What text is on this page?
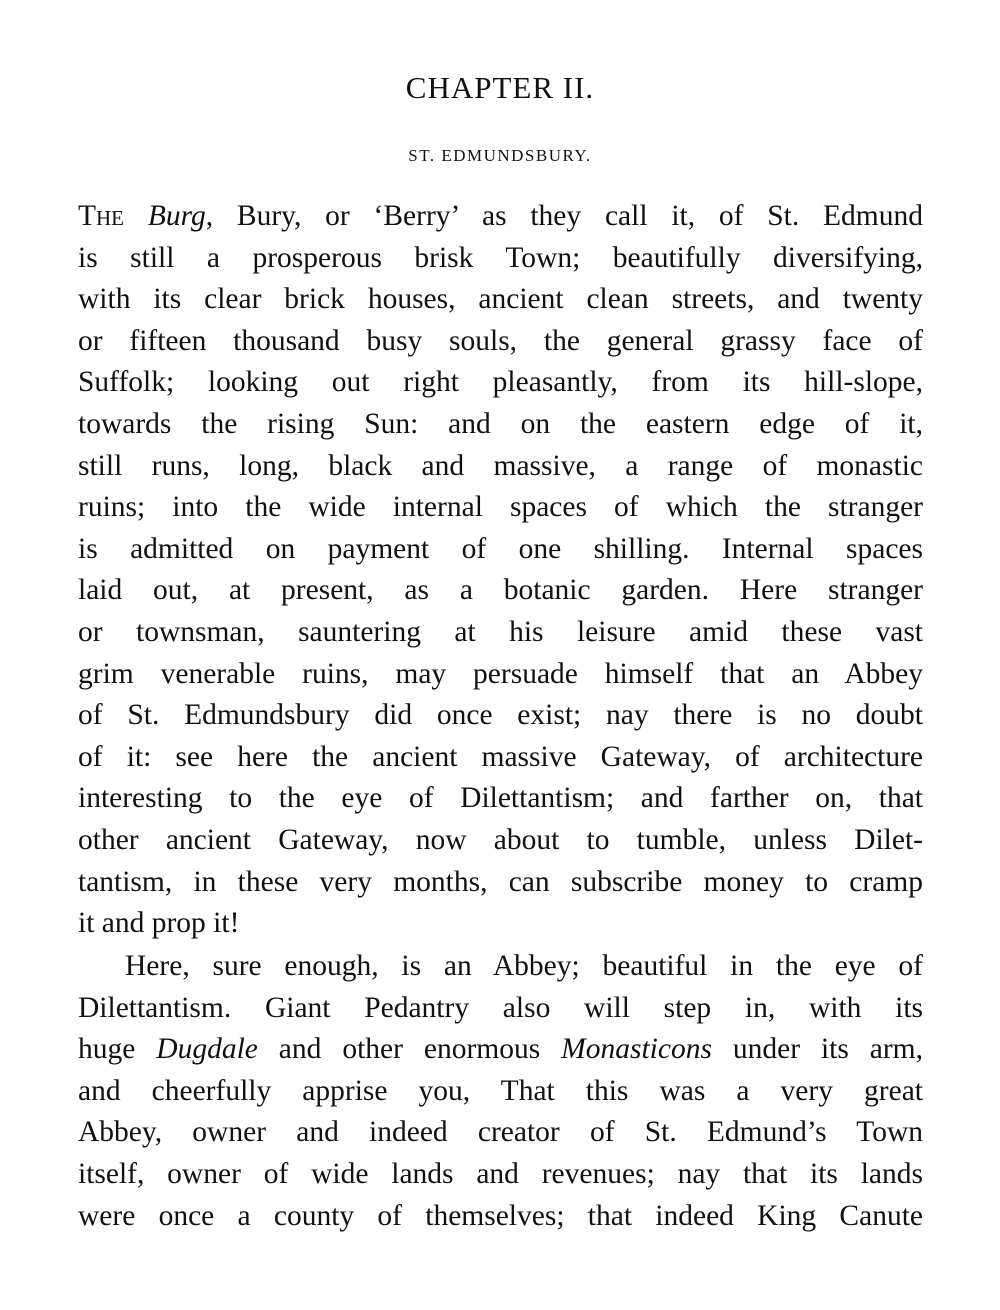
CHAPTER II.
ST. EDMUNDSBURY.
The Burg, Bury, or ‘Berry’ as they call it, of St. Edmund
is still a prosperous brisk Town; beautifully diversifying,
with its clear brick houses, ancient clean streets, and twenty
or fifteen thousand busy souls, the general grassy face of
Suffolk; looking out right pleasantly, from its hill-slope,
towards the rising Sun: and on the eastern edge of it,
still runs, long, black and massive, a range of monastic
ruins; into the wide internal spaces of which the stranger
is admitted on payment of one shilling. Internal spaces
laid out, at present, as a botanic garden. Here stranger
or townsman, sauntering at his leisure amid these vast
grim venerable ruins, may persuade himself that an Abbey
of St. Edmundsbury did once exist; nay there is no doubt
of it: see here the ancient massive Gateway, of architecture
interesting to the eye of Dilettantism; and farther on, that
other ancient Gateway, now about to tumble, unless Dilet-
tantism, in these very months, can subscribe money to cramp
it and prop it!
Here, sure enough, is an Abbey; beautiful in the eye of
Dilettantism. Giant Pedantry also will step in, with its
huge Dugdale and other enormous Monasticons under its arm,
and cheerfully apprise you, That this was a very great
Abbey, owner and indeed creator of St. Edmund’s Town
itself, owner of wide lands and revenues; nay that its lands
were once a county of themselves; that indeed King Canute
